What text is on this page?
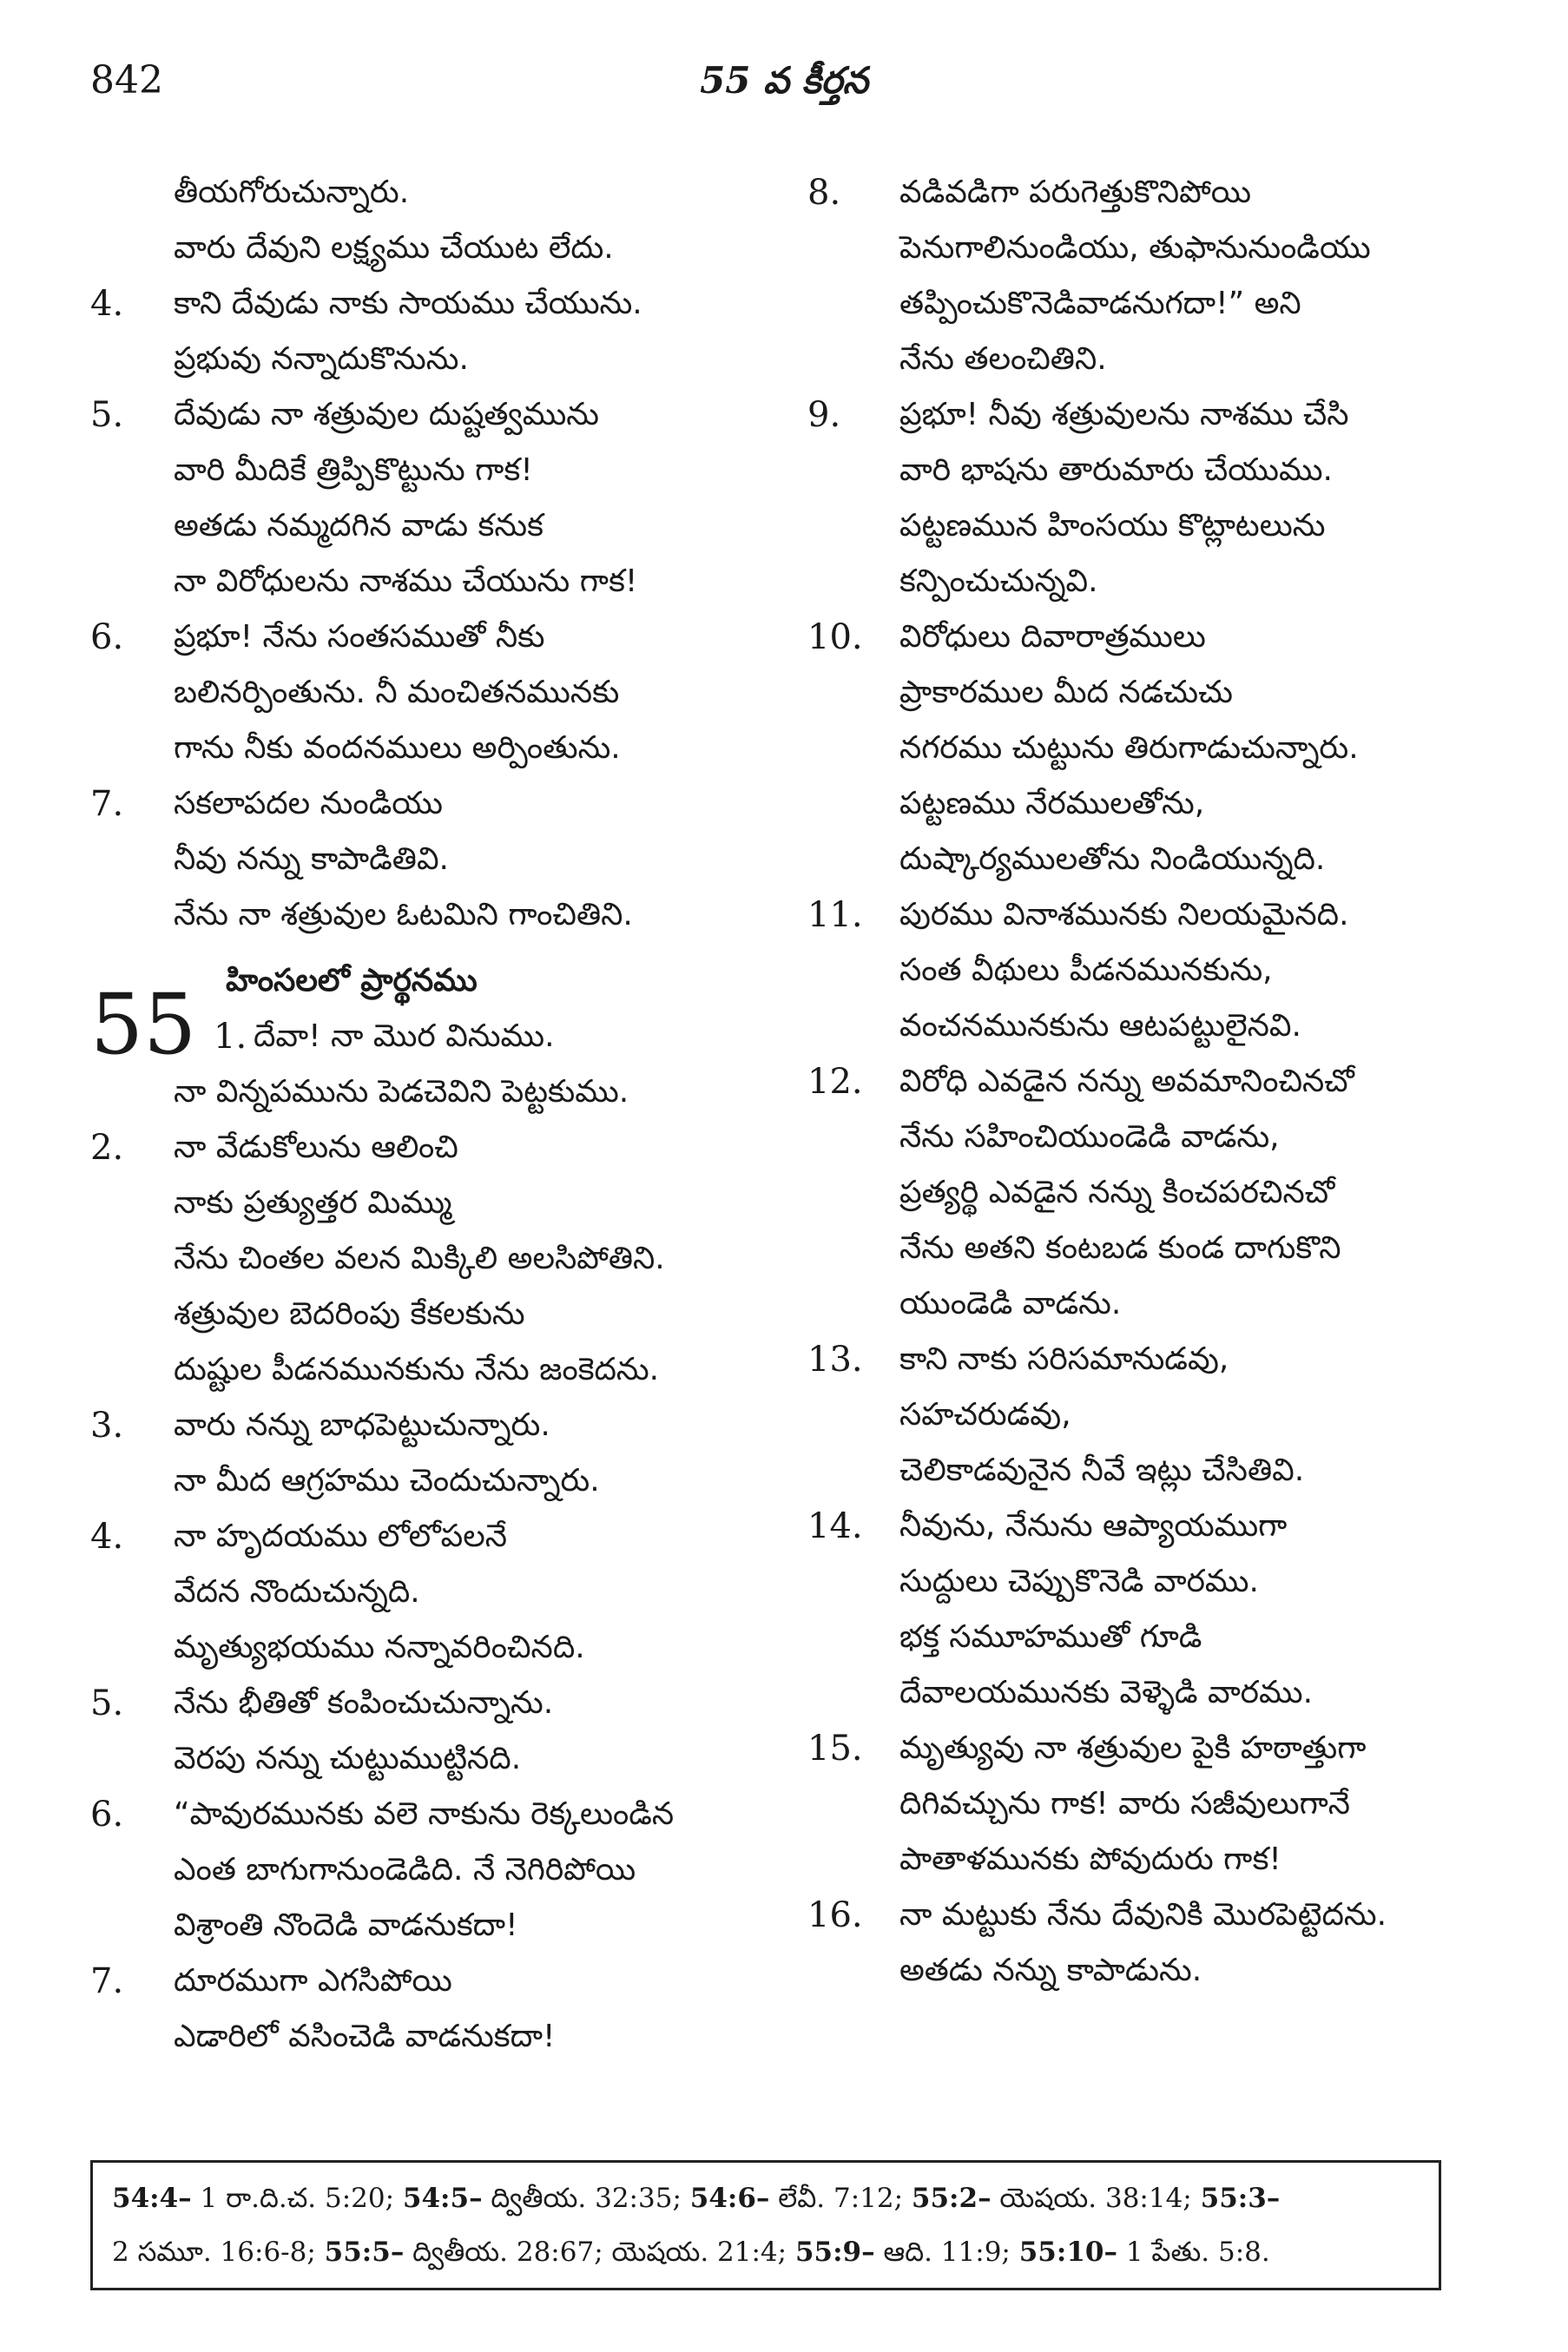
842	55 వ కీర్తన
తీయగోరుచున్నారు.
వారు దేవుని లక్ష్యము చేయుట లేదు.
4.	కాని దేవుడు నాకు సాయము చేయును.
ప్రభువు నన్నాదుకొనును.
5.	దేవుడు నా శత్రువుల దుష్టత్వమును
వారి మీదికే త్రిప్పికొట్టును గాక!
అతడు నమ్మదగిన వాడు కనుక
నా విరోధులను నాశము చేయును గాక!
6.	ప్రభూ! నేను సంతసముతో నీకు
బలినర్పింతును. నీ మంచితనమునకు
గాను నీకు వందనములు అర్పింతును.
7.	సకలాపదల నుండియు
నీవు నన్ను కాపాడితివి.
నేను నా శత్రువుల ఓటమిని గాంచితిని.
హింసలలో ప్రార్థనము
55 1. దేవా! నా మొర వినుము.
నా విన్నపమును పెడచెవిని పెట్టకుము.
2.	నా వేడుకోలును ఆలించి
నాకు ప్రత్యుత్తర మిమ్ము
నేను చింతల వలన మిక్కిలి అలసిపోతిని.
శత్రువుల బెదరింపు కేకలకును
దుష్టుల పీడనమునకును నేను జంకెదను.
3.	వారు నన్ను బాధపెట్టుచున్నారు.
నా మీద ఆగ్రహము చెందుచున్నారు.
4.	నా హృదయము లోలోపలనే
వేదన నొందుచున్నది.
మృత్యుభయము నన్నావరించినది.
5.	నేను భీతితో కంపించుచున్నాను.
వెరపు నన్ను చుట్టుముట్టినది.
6.	“పావురమునకు వలె నాకును రెక్కలుండిన
ఎంత బాగుగానుండెడిది. నే నెగిరిపోయి
విశ్రాంతి నొందెడి వాడనుకదా!
7.	దూరముగా ఎగసిపోయి
ఎడారిలో వసించెడి వాడనుకదా!
8.	వడివడిగా పరుగెత్తుకొనిపోయి
పెనుగాలినుండియు, తుఫానునుండియు
తప్పించుకొనెడివాడనుగదా!” అని
నేను తలంచితిని.
9.	ప్రభూ! నీవు శత్రువులను నాశము చేసి
వారి భాషను తారుమారు చేయుము.
పట్టణమున హింసయు కొట్లాటలును
కన్పించుచున్నవి.
10.	విరోధులు దివారాత్రములు
ప్రాకారముల మీద నడచుచు
నగరము చుట్టును తిరుగాడుచున్నారు.
పట్టణము నేరములతోను,
దుష్కార్యములతోను నిండియున్నది.
11.	పురము వినాశమునకు నిలయమైనది.
సంత వీథులు పీడనమునకును,
వంచనమునకును ఆటపట్టులైనవి.
12.	విరోధి ఎవడైన నన్ను అవమానించినచో
నేను సహించియుండెడి వాడను,
ప్రత్యర్థి ఎవడైన నన్ను కించపరచినచో
నేను అతని కంటబడ కుండ దాగుకొని
యుండెడి వాడను.
13.	కాని నాకు సరిసమానుడవు,
సహచరుడవు,
చెలికాడవునైన నీవే ఇట్లు చేసితివి.
14.	నీవును, నేనును ఆప్యాయముగా
సుద్దులు చెప్పుకొనెడి వారము.
భక్త సమూహముతో గూడి
దేవాలయమునకు వెళ్ళెడి వారము.
15.	మృత్యువు నా శత్రువుల పైకి హఠాత్తుగా
దిగివచ్చును గాక! వారు సజీవులుగానే
పాతాళమునకు పోవుదురు గాక!
16.	నా మట్టుకు నేను దేవునికి మొరపెట్టెదను.
అతడు నన్ను కాపాడును.
54:4– 1 రా.ది.చ. 5:20; 54:5– ద్వితీయ. 32:35; 54:6– లేవీ. 7:12; 55:2– యెషయ. 38:14; 55:3–
2 సమూ. 16:6-8; 55:5– ద్వితీయ. 28:67; యెషయ. 21:4; 55:9– ఆది. 11:9; 55:10– 1 పేతు. 5:8.
